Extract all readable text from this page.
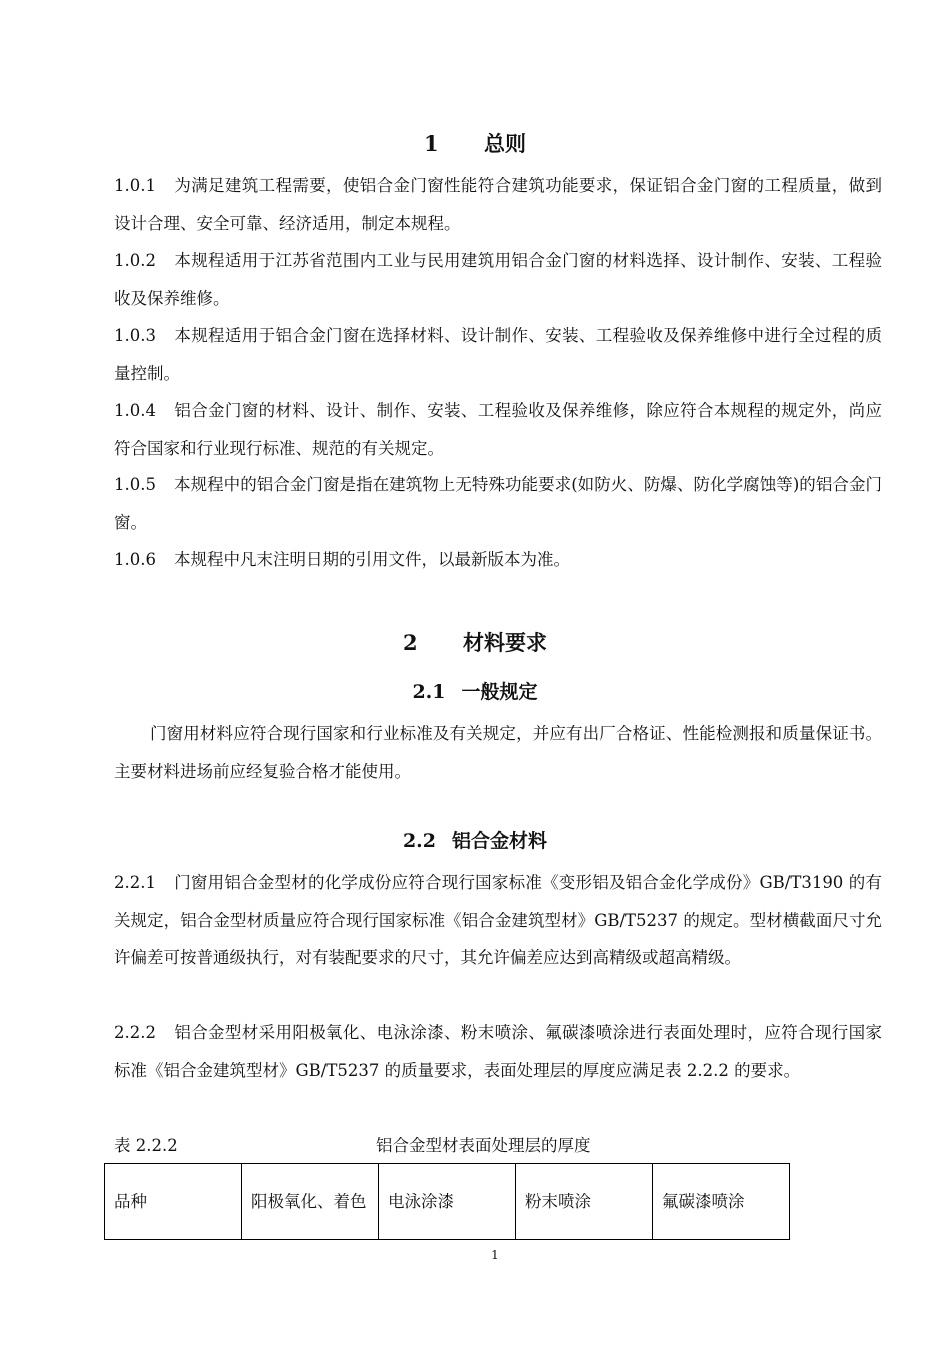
1 总则

1.0.1 为满足建筑工程需要，使铝合金门窗性能符合建筑功能要求，保证铝合金门窗的工程质量，做到设计合理、安全可靠、经济适用，制定本规程。

1.0.2 本规程适用于江苏省范围内工业与民用建筑用铝合金门窗的材料选择、设计制作、安装、工程验收及保养维修。

1.0.3 本规程适用于铝合金门窗在选择材料、设计制作、安装、工程验收及保养维修中进行全过程的质量控制。

1.0.4 铝合金门窗的材料、设计、制作、安装、工程验收及保养维修，除应符合本规程的规定外，尚应符合国家和行业现行标准、规范的有关规定。

1.0.5 本规程中的铝合金门窗是指在建筑物上无特殊功能要求(如防火、防爆、防化学腐蚀等)的铝合金门窗。

1.0.6 本规程中凡末注明日期的引用文件，以最新版本为准。

2 材料要求
2.1 一般规定

门窗用材料应符合现行国家和行业标准及有关规定，并应有出厂合格证、性能检测报和质量保证书。主要材料进场前应经复验合格才能使用。

2.2 铝合金材料

2.2.1 门窗用铝合金型材的化学成份应符合现行国家标准《变形铝及铝合金化学成份》GB/T3190 的有关规定，铝合金型材质量应符合现行国家标准《铝合金建筑型材》GB/T5237 的规定。型材横截面尺寸允许偏差可按普通级执行，对有装配要求的尺寸，其允许偏差应达到高精级或超高精级。

2.2.2 铝合金型材采用阳极氧化、电泳涂漆、粉末喷涂、氟碳漆喷涂进行表面处理时，应符合现行国家标准《铝合金建筑型材》GB/T5237 的质量要求，表面处理层的厚度应满足表 2.2.2 的要求。

表 2.2.2	铝合金型材表面处理层的厚度
品种	阳极氧化、着色	电泳涂漆	粉末喷涂	氟碳漆喷涂
1
